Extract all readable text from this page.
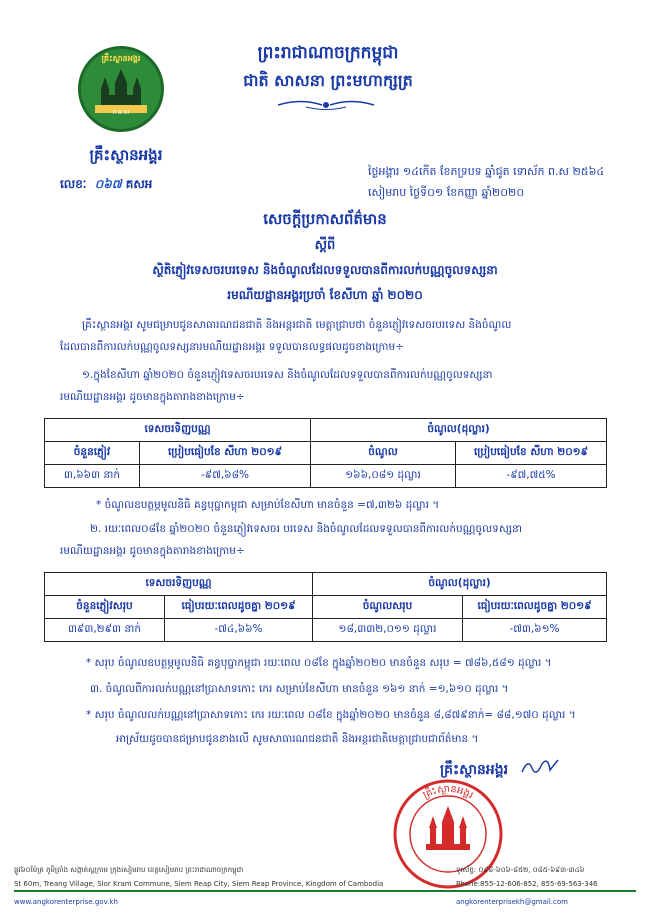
គ្រឹះស្ថានអង្គរ
ក អ ស
គ្រឹះស្ថានអង្គរ
លេខៈ ០៦៧ គសអ
ព្រះរាជាណាចក្រកម្ពុជា
ជាតិ សាសនា ព្រះមហាក្សត្រ
ថ្ងៃអង្គារ ១៤កើត ខែភទ្របទ ឆ្នាំជូត ទោស័ក ព.ស ២៥៦៤
សៀមរាប ថ្ងៃទី០១ ខែកញ្ញា ឆ្នាំ២០២០
សេចក្តីប្រកាសព័ត៌មាន
ស្តីពី
ស្ថិតិភ្ញៀវទេសចរបរទេស និងចំណូលដែលទទួលបានពីការលក់បណ្ណចូលទស្សនា
រមណីយដ្ឋានអង្គរប្រចាំ ខែសីហា ឆ្នាំ ២០២០
គ្រឹះស្ថានអង្គរ សូមជម្រាបជូនសាធារណជនជាតិ និងអន្តរជាតិ មេត្តាជ្រាបថា ចំនួនភ្ញៀវទេសចរបរទេស និងចំណូល
ដែលបានពីការលក់បណ្ណចូលទស្សនារមណីយដ្ឋានអង្គរ ទទួលបានលទ្ធផលដូចខាងក្រោម÷
១.ក្នុងខែសីហា ឆ្នាំ២០២០ ចំនួនភ្ញៀវទេសចរបរទេស និងចំណូលដែលទទួលបានពីការលក់បណ្ណចូលទស្សនា
រមណីយដ្ឋានអង្គរ ដូចមានក្នុងតារាងខាងក្រោម÷
ទេសចរទិញបណ្ណ		ចំណូល(ដុល្លារ)	
ចំនួនភ្ញៀវ	ប្រៀបធៀបខែ សីហា ២០១៩	ចំណូល	ប្រៀបធៀបខែ សីហា ២០១៩
៣,៦៦៣ នាក់	-៩៧,៦៨%	១៦៦,០៨១ ដុល្លារ	-៩៧,៧៥%
* ចំណូលឧបត្ថម្ភមូលនិធិ គន្ធបុប្ផាកម្ពុជា សម្រាប់ខែសីហា មានចំនួន =៧,៣២៦ ដុល្លារ ។
២. រយៈពេល០៨ខែ ឆ្នាំ២០២០ ចំនួនភ្ញៀវទេសចរ បរទេស និងចំណូលដែលទទួលបានពីការលក់បណ្ណចូលទស្សនា
រមណីយដ្ឋានអង្គរ ដូចមានក្នុងតារាងខាងក្រោម÷
ទេសចរទិញបណ្ណ		ចំណូល(ដុល្លារ)	
ចំនួនភ្ញៀវសរុប	ធៀបរយៈពេលដូចគ្នា ២០១៩	ចំណូលសរុប	ធៀបរយៈពេលដូចគ្នា ២០១៩
៣៩៣,២៩៣ នាក់	-៧៤,៦៦%	១៨,៣៣២,០១១ ដុល្លារ	-៧៣,៦១%
* សរុប ចំណូលឧបត្ថម្ភមូលនិធិ គន្ធបុប្ផាកម្ពុជា រយៈពេល ០៨ខែ ក្នុងឆ្នាំ២០២០ មានចំនួន សរុប = ៧៨៦,៥៨១ ដុល្លារ ។
៣. ចំណូលពីការលក់បណ្ណនៅប្រាសាទកោះ កេរ សម្រាប់ខែសីហា មានចំនួន ១៦១ នាក់ =១,៦១០ ដុល្លារ ។
* សរុប ចំណូលលក់បណ្ណនៅប្រាសាទកោះ កេរ រយៈពេល ០៨ខែ ក្នុងឆ្នាំ២០២០ មានចំនួន ៨,៨៧៩នាក់= ៨៨,១៧០ ដុល្លារ ។
អាស្រ័យដូចបានជម្រាបជូនខាងលើ សូមសាធារណជនជាតិ និងអន្តរជាតិមេត្តាជ្រាបជាព័ត៌មាន ។
គ្រឹះស្ថានអង្គរ
គ្រឹះស្ថានអង្គរ
ផ្លូវ៦០ម៉ែត្រ ភូមិត្រាំង សង្កាត់ស្លក្រាម ក្រុងសៀមរាប ខេត្តសៀមរាប ព្រះរាជាណាចក្រកម្ពុជា
St 60m, Treang Village, Slor Kram Commune, Siem Reap City, Siem Reap Province, Kingdom of Cambodia
www.angkorenterprise.gov.kh
ទូរស័ព្ទ: ០៩៨-៦០៦-៨៥២, ០៨៥-៦៩៣-៣៤៦
Phone:855-12-606-852, 855-69-563-346
angkorenterprisekh@gmail.com
